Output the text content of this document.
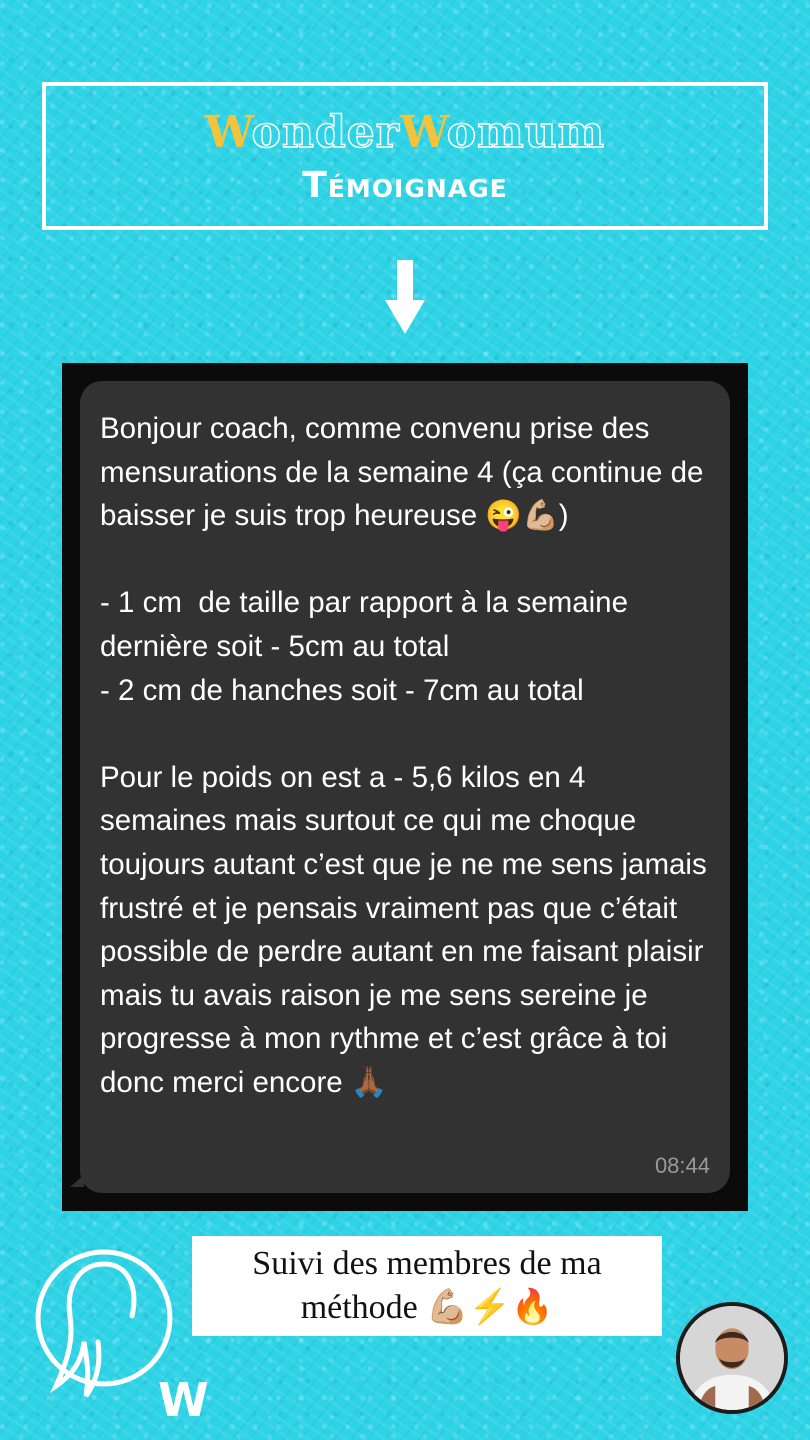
WonderWomum
Témoignage
Bonjour coach, comme convenu prise des mensurations de la semaine 4 (ça continue de baisser je suis trop heureuse 😜💪🏼)

- 1 cm  de taille par rapport à la semaine dernière soit - 5cm au total
- 2 cm de hanches soit - 7cm au total

Pour le poids on est a - 5,6 kilos en 4 semaines mais surtout ce qui me choque toujours autant c’est que je ne me sens jamais frustré et je pensais vraiment pas que c’était possible de perdre autant en me faisant plaisir mais tu avais raison je me sens sereine je progresse à mon rythme et c’est grâce à toi donc merci encore 🙏🏾
08:44
Suivi des membres de ma
méthode 💪🏼⚡🔥
W
